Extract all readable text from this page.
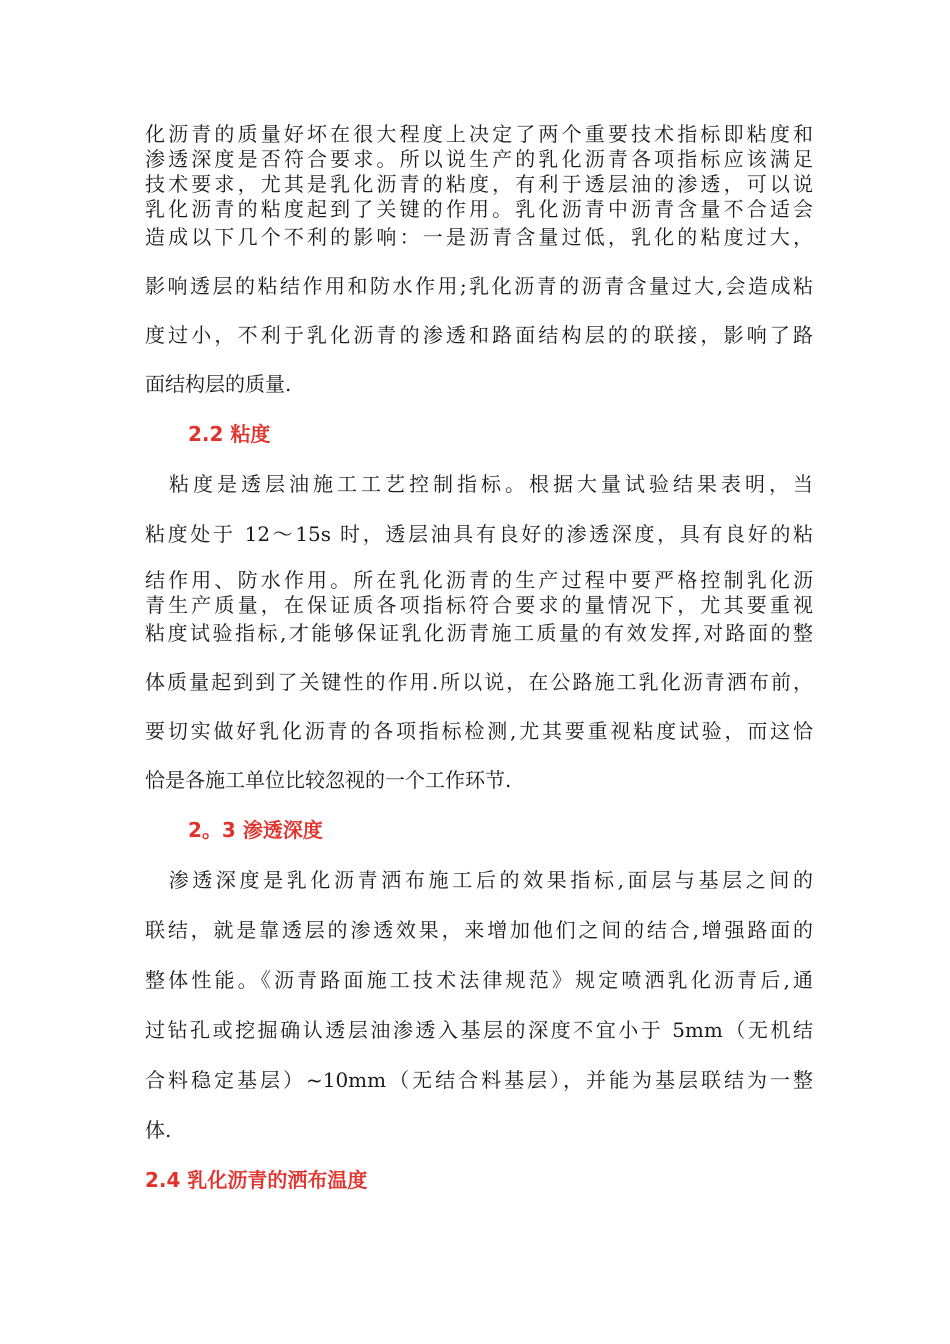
化沥青的质量好坏在很大程度上决定了两个重要技术指标即粘度和
渗透深度是否符合要求。所以说生产的乳化沥青各项指标应该满足
技术要求，尤其是乳化沥青的粘度，有利于透层油的渗透，可以说
乳化沥青的粘度起到了关键的作用。乳化沥青中沥青含量不合适会
造成以下几个不利的影响：一是沥青含量过低，乳化的粘度过大，
影响透层的粘结作用和防水作用;乳化沥青的沥青含量过大,会造成粘
度过小，不利于乳化沥青的渗透和路面结构层的的联接，影响了路
面结构层的质量.
2.2 粘度
　粘度是透层油施工工艺控制指标。根据大量试验结果表明，当
粘度处于 12～15s 时，透层油具有良好的渗透深度，具有良好的粘
结作用、防水作用。所在乳化沥青的生产过程中要严格控制乳化沥
青生产质量，在保证质各项指标符合要求的量情况下，尤其要重视
粘度试验指标,才能够保证乳化沥青施工质量的有效发挥,对路面的整
体质量起到到了关键性的作用.所以说，在公路施工乳化沥青洒布前，
要切实做好乳化沥青的各项指标检测,尤其要重视粘度试验，而这恰
恰是各施工单位比较忽视的一个工作环节.
2。3 渗透深度
　渗透深度是乳化沥青洒布施工后的效果指标,面层与基层之间的
联结，就是靠透层的渗透效果，来增加他们之间的结合,增强路面的
整体性能。《沥青路面施工技术法律规范》规定喷洒乳化沥青后,通
过钻孔或挖掘确认透层油渗透入基层的深度不宜小于 5mm（无机结
合料稳定基层）~10mm（无结合料基层），并能为基层联结为一整
体.
2.4 乳化沥青的洒布温度
